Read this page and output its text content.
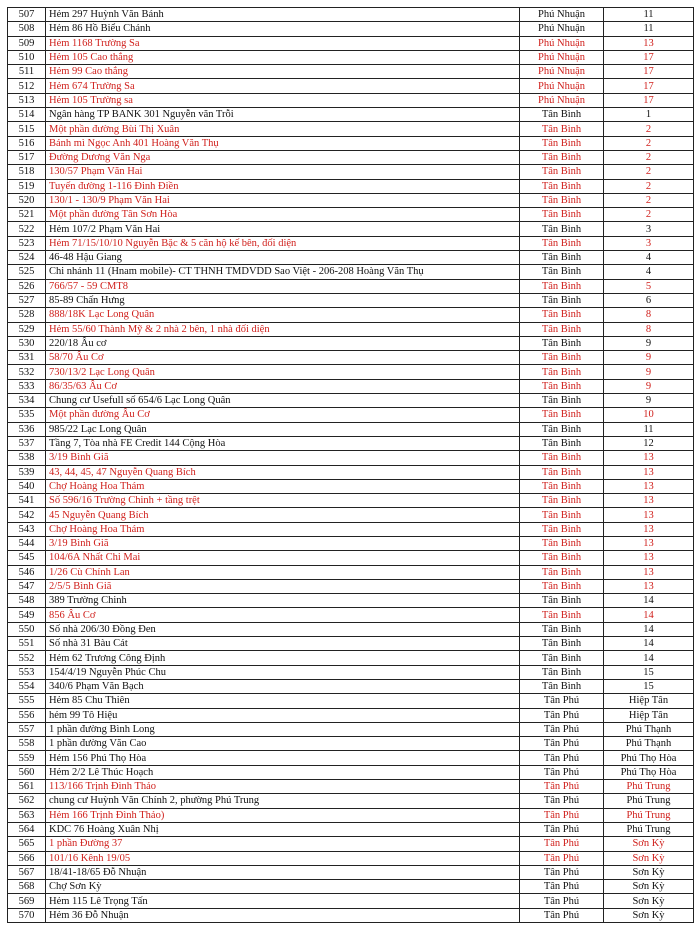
507	Hẻm 297 Huỳnh Văn Bánh	Phú Nhuận	11
508	Hẻm 86 Hồ Biểu Chánh	Phú Nhuận	11
509	Hẻm 1168 Trường Sa	Phú Nhuận	13
510	Hẻm 105 Cao thắng	Phú Nhuận	17
511	Hẻm 99 Cao thắng	Phú Nhuận	17
512	Hẻm 674 Trường Sa	Phú Nhuận	17
513	Hẻm 105 Trường sa	Phú Nhuận	17
514	Ngân hàng TP BANK 301 Nguyễn văn Trỗi	Tân Bình	1
515	Một phần đường Bùi Thị Xuân	Tân Bình	2
516	Bánh mì Ngọc Anh 401 Hoàng Văn Thụ	Tân Bình	2
517	Đường Dương Văn Nga	Tân Bình	2
518	130/57 Phạm Văn Hai	Tân Bình	2
519	Tuyến đường 1-116 Đinh Điền	Tân Bình	2
520	130/1 - 130/9 Phạm Văn Hai	Tân Bình	2
521	Một phần đường Tân Sơn Hòa	Tân Bình	2
522	Hẻm 107/2 Phạm Văn Hai	Tân Bình	3
523	Hẻm 71/15/10/10 Nguyễn Bặc & 5 căn hộ kế bên, đối diện	Tân Bình	3
524	46-48 Hậu Giang	Tân Bình	4
525	Chi nhánh 11 (Hnam mobile)- CT THNH TMDVDD Sao Việt - 206-208 Hoàng Văn Thụ	Tân Bình	4
526	766/57 - 59 CMT8	Tân Bình	5
527	85-89 Chấn Hưng	Tân Bình	6
528	888/18K Lạc Long Quân	Tân Bình	8
529	Hẻm 55/60 Thành Mỹ & 2 nhà 2 bên, 1 nhà đối diện	Tân Bình	8
530	220/18 Âu cơ	Tân Bình	9
531	58/70 Âu Cơ	Tân Bình	9
532	730/13/2 Lạc Long Quân	Tân Bình	9
533	86/35/63 Âu Cơ	Tân Bình	9
534	Chung cư Usefull số 654/6 Lạc Long Quân	Tân Bình	9
535	Một phần đường Âu Cơ	Tân Bình	10
536	985/22 Lạc Long Quân	Tân Bình	11
537	Tầng 7, Tòa nhà FE Credit 144 Cộng Hòa	Tân Bình	12
538	3/19 Bình Giã	Tân Bình	13
539	43, 44, 45, 47 Nguyễn Quang Bích	Tân Bình	13
540	Chợ Hoàng Hoa Thám	Tân Bình	13
541	Số 596/16 Trường Chinh + tầng trệt	Tân Bình	13
542	45 Nguyễn Quang Bích	Tân Bình	13
543	Chợ Hoàng Hoa Thám	Tân Bình	13
544	3/19 Bình Giã	Tân Bình	13
545	104/6A Nhất Chi Mai	Tân Bình	13
546	1/26 Cù Chính Lan	Tân Bình	13
547	2/5/5 Bình Giã	Tân Bình	13
548	389 Trường Chinh	Tân Bình	14
549	856 Âu Cơ	Tân Bình	14
550	Số nhà 206/30 Đồng Đen	Tân Bình	14
551	Số nhà 31 Bàu Cát	Tân Bình	14
552	Hẻm 62 Trương Công Định	Tân Bình	14
553	154/4/19 Nguyễn Phúc Chu	Tân Bình	15
554	340/6 Phạm Văn Bạch	Tân Bình	15
555	Hẻm 85 Chu Thiên	Tân Phú	Hiệp Tân
556	hẻm 99 Tô Hiệu	Tân Phú	Hiệp Tân
557	1 phần đường Bình Long	Tân Phú	Phú Thạnh
558	1 phần đường Văn Cao	Tân Phú	Phú Thạnh
559	Hẻm 156 Phú Thọ Hòa	Tân Phú	Phú Thọ Hòa
560	Hẻm 2/2 Lê Thúc Hoạch	Tân Phú	Phú Thọ Hòa
561	113/166 Trịnh Đình Thảo	Tân Phú	Phú Trung
562	chung cư Huỳnh Văn Chính 2, phường Phú Trung	Tân Phú	Phú Trung
563	Hẻm 166 Trịnh Đình Thảo)	Tân Phú	Phú Trung
564	KDC 76 Hoàng Xuân Nhị	Tân Phú	Phú Trung
565	1 phần Đường 37	Tân Phú	Sơn Kỳ
566	101/16 Kênh 19/05	Tân Phú	Sơn Kỳ
567	18/41-18/65 Đỗ Nhuận	Tân Phú	Sơn Kỳ
568	Chợ Sơn Kỳ	Tân Phú	Sơn Kỳ
569	Hẻm 115 Lê Trọng Tấn	Tân Phú	Sơn Kỳ
570	Hẻm 36 Đỗ Nhuận	Tân Phú	Sơn Kỳ
